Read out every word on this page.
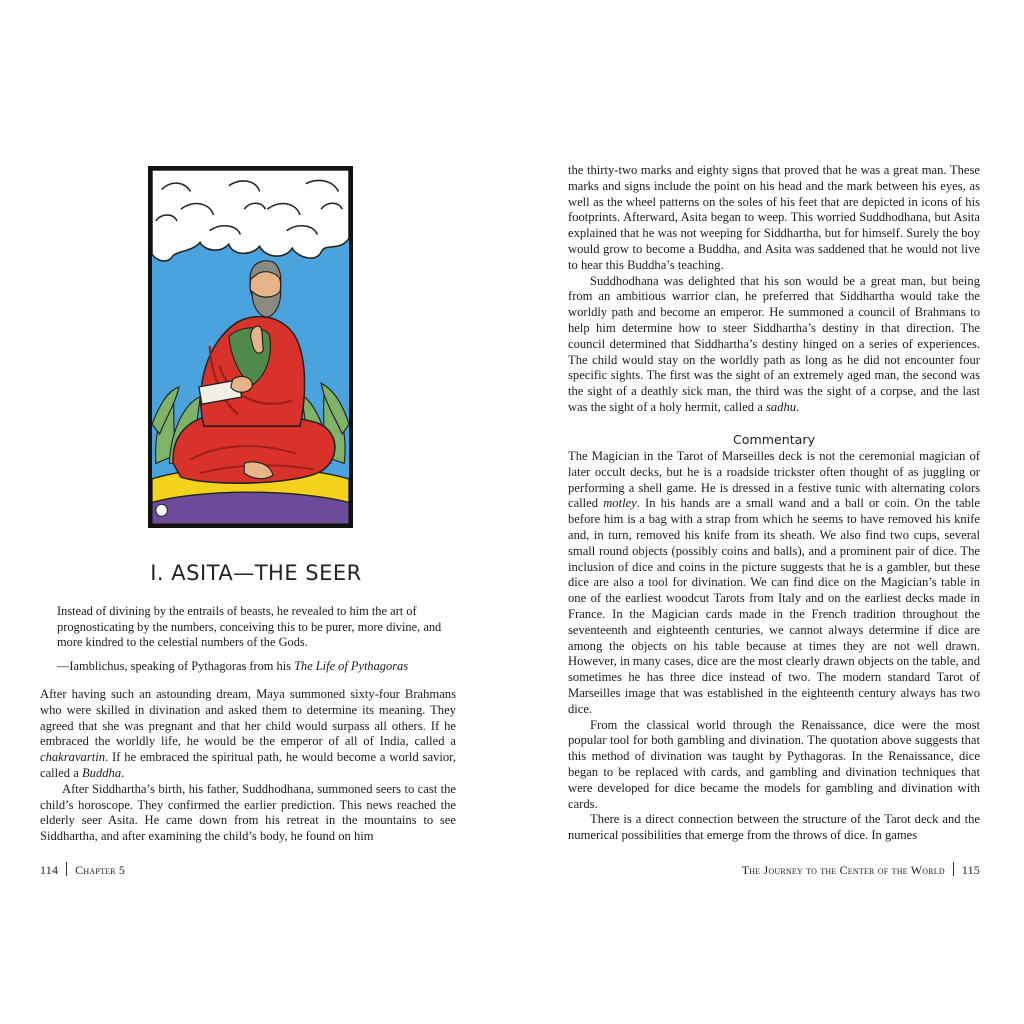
I. ASITA—THE SEER
Instead of divining by the entrails of beasts, he revealed to him the art of prognosticating by the numbers, conceiving this to be purer, more divine, and more kindred to the celestial numbers of the Gods.
—Iamblichus, speaking of Pythagoras from his The Life of Pythagoras

After having such an astounding dream, Maya summoned sixty-four Brahmans who were skilled in divination and asked them to determine its meaning. They agreed that she was pregnant and that her child would surpass all others. If he embraced the worldly life, he would be the emperor of all of India, called a chakravartin. If he embraced the spiritual path, he would become a world savior, called a Buddha.

After Siddhartha’s birth, his father, Suddhodhana, summoned seers to cast the child’s horoscope. They confirmed the earlier prediction. This news reached the elderly seer Asita. He came down from his retreat in the mountains to see Siddhartha, and after examining the child’s body, he found on him

114 Chapter 5

the thirty-two marks and eighty signs that proved that he was a great man. These marks and signs include the point on his head and the mark between his eyes, as well as the wheel patterns on the soles of his feet that are depicted in icons of his footprints. Afterward, Asita began to weep. This worried Suddhodhana, but Asita explained that he was not weeping for Siddhartha, but for himself. Surely the boy would grow to become a Buddha, and Asita was saddened that he would not live to hear this Buddha’s teaching.

Suddhodhana was delighted that his son would be a great man, but being from an ambitious warrior clan, he preferred that Siddhartha would take the worldly path and become an emperor. He summoned a council of Brahmans to help him determine how to steer Siddhartha’s destiny in that direction. The council determined that Siddhartha’s destiny hinged on a series of experiences. The child would stay on the worldly path as long as he did not encounter four specific sights. The first was the sight of an extremely aged man, the second was the sight of a deathly sick man, the third was the sight of a corpse, and the last was the sight of a holy hermit, called a sadhu.

Commentary

The Magician in the Tarot of Marseilles deck is not the ceremonial magician of later occult decks, but he is a roadside trickster often thought of as juggling or performing a shell game. He is dressed in a festive tunic with alternating colors called motley. In his hands are a small wand and a ball or coin. On the table before him is a bag with a strap from which he seems to have removed his knife and, in turn, removed his knife from its sheath. We also find two cups, several small round objects (possibly coins and balls), and a prominent pair of dice. The inclusion of dice and coins in the picture suggests that he is a gambler, but these dice are also a tool for divination. We can find dice on the Magician’s table in one of the earliest woodcut Tarots from Italy and on the earliest decks made in France. In the Magician cards made in the French tradition throughout the seventeenth and eighteenth centuries, we cannot always determine if dice are among the objects on his table because at times they are not well drawn. However, in many cases, dice are the most clearly drawn objects on the table, and sometimes he has three dice instead of two. The modern standard Tarot of Marseilles image that was established in the eighteenth century always has two dice.

From the classical world through the Renaissance, dice were the most popular tool for both gambling and divination. The quotation above suggests that this method of divination was taught by Pythagoras. In the Renaissance, dice began to be replaced with cards, and gambling and divination techniques that were developed for dice became the models for gambling and divination with cards.

There is a direct connection between the structure of the Tarot deck and the numerical possibilities that emerge from the throws of dice. In games

The Journey to the Center of the World 115
